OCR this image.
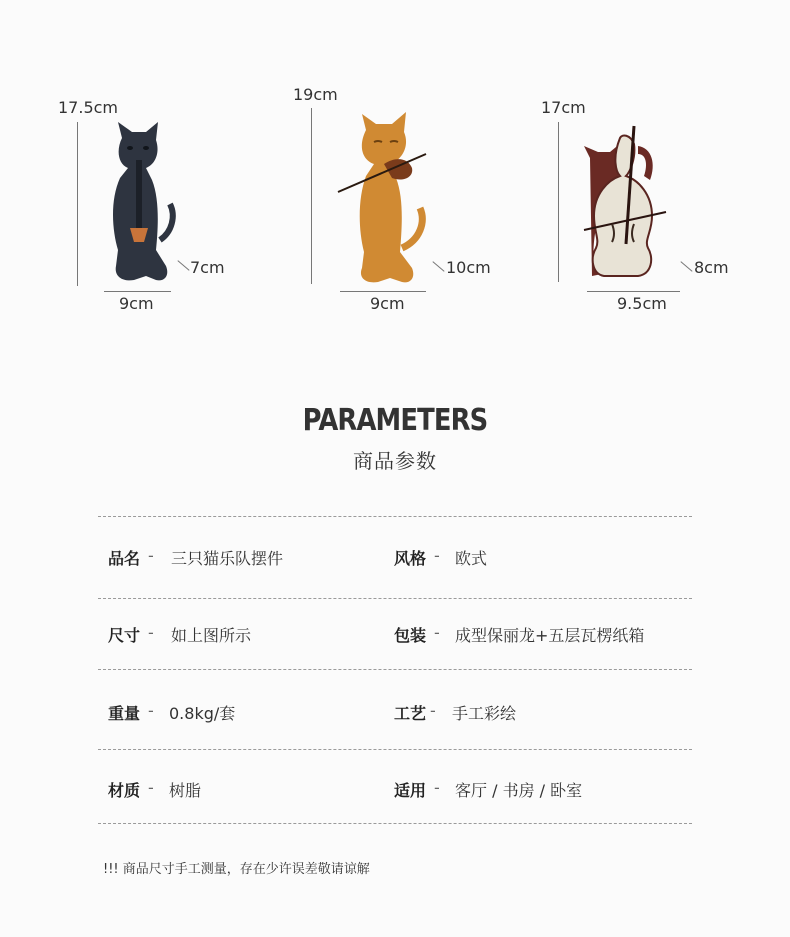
17.5cm
7cm
9cm
19cm
10cm
9cm
17cm
8cm
9.5cm
PARAMETERS
商品参数
品名 - 三只猫乐队摆件	风格 - 欧式
尺寸 - 如上图所示	包装 - 成型保丽龙+五层瓦楞纸箱
重量 - 0.8kg/套	工艺 - 手工彩绘
材质 - 树脂	适用 - 客厅 / 书房 / 卧室
!!! 商品尺寸手工测量，存在少许误差敬请谅解
